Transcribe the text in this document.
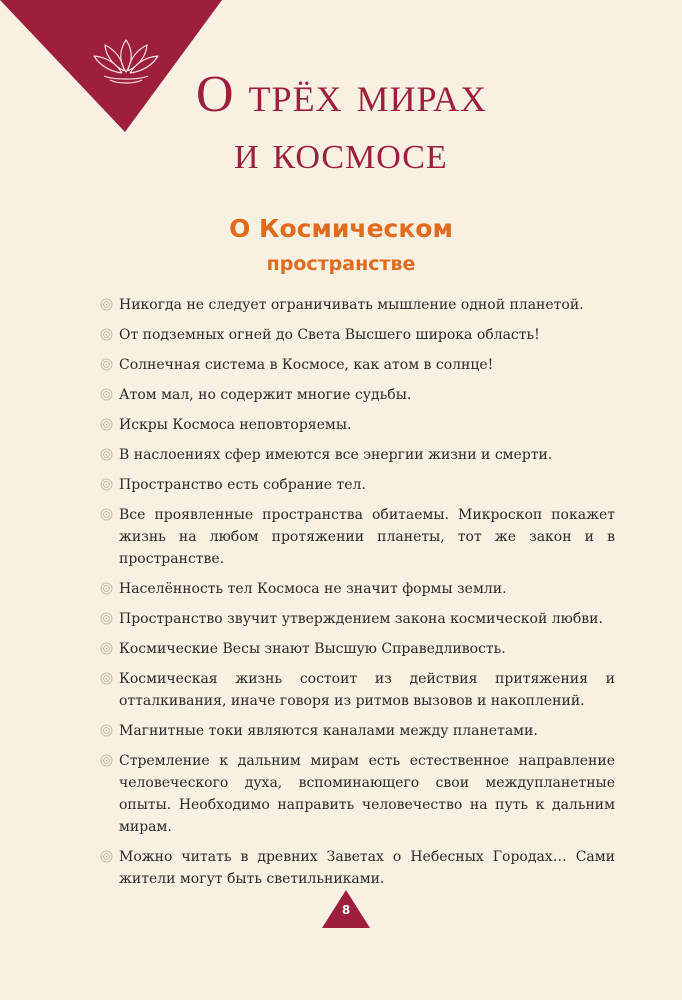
О трёх мирах
и космосе
О Космическом
пространстве
Никогда не следует ограничивать мышление одной планетой.
От подземных огней до Света Высшего широка область!
Солнечная система в Космосе, как атом в солнце!
Атом мал, но содержит многие судьбы.
Искры Космоса неповторяемы.
В наслоениях сфер имеются все энергии жизни и смерти.
Пространство есть собрание тел.
Все проявленные пространства обитаемы. Микроскоп покажет жизнь на любом протяжении планеты, тот же закон и в пространстве.
Населённость тел Космоса не значит формы земли.
Пространство звучит утверждением закона космической любви.
Космические Весы знают Высшую Справедливость.
Космическая жизнь состоит из действия притяжения и отталкивания, иначе говоря из ритмов вызовов и накоплений.
Магнитные токи являются каналами между планетами.
Стремление к дальним мирам есть естественное направление человеческого духа, вспоминающего свои междупланетные опыты. Необходимо направить человечество на путь к дальним мирам.
Можно читать в древних Заветах о Небесных Городах… Сами жители могут быть светильниками.
8
